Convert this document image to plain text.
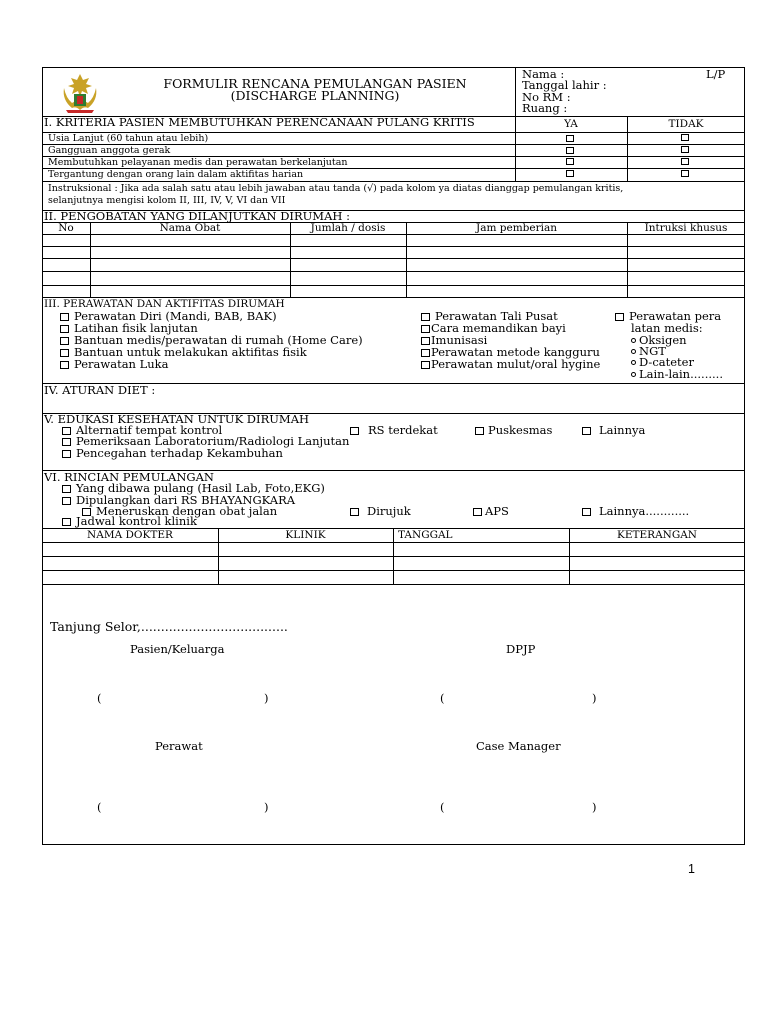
FORMULIR RENCANA PEMULANGAN PASIEN
(DISCHARGE PLANNING)
Nama :	L/P
Tanggal lahir :
No RM :
Ruang :
I. KRITERIA PASIEN MEMBUTUHKAN PERENCANAAN PULANG KRITIS	YA	TIDAK
Usia Lanjut (60 tahun atau lebih)
Gangguan anggota gerak
Membutuhkan pelayanan medis dan perawatan berkelanjutan
Tergantung dengan orang lain dalam aktifitas harian
Instruksional : Jika ada salah satu atau lebih jawaban atau tanda (√) pada kolom ya diatas dianggap pemulangan kritis,
selanjutnya mengisi kolom II, III, IV, V, VI dan VII
II. PENGOBATAN YANG DILANJUTKAN DIRUMAH :
No	Nama Obat	Jumlah / dosis	Jam pemberian	Intruksi khusus
III. PERAWATAN DAN AKTIFITAS DIRUMAH
Perawatan Diri (Mandi, BAB, BAK)
Latihan fisik lanjutan
Bantuan medis/perawatan di rumah (Home Care)
Bantuan untuk melakukan aktifitas fisik
Perawatan Luka
Perawatan Tali Pusat
Cara memandikan bayi
Imunisasi
Perawatan metode kangguru
Perawatan mulut/oral hygine
Perawatan pera
latan medis:
Oksigen
NGT
D-cateter
Lain-lain.........
IV. ATURAN DIET :
V. EDUKASI KESEHATAN UNTUK DIRUMAH
Alternatif tempat kontrol	RS terdekat	Puskesmas	Lainnya
Pemeriksaan Laboratorium/Radiologi Lanjutan
Pencegahan terhadap Kekambuhan
VI. RINCIAN PEMULANGAN
Yang dibawa pulang (Hasil Lab, Foto,EKG)
Dipulangkan dari RS BHAYANGKARA
Meneruskan dengan obat jalan	Dirujuk	APS	Lainnya............
Jadwal kontrol klinik
NAMA DOKTER	KLINIK	TANGGAL	KETERANGAN
Tanjung Selor,.....................................
Pasien/Keluarga	DPJP
(	)	(	)
Perawat	Case Manager
(	)	(	)
1
